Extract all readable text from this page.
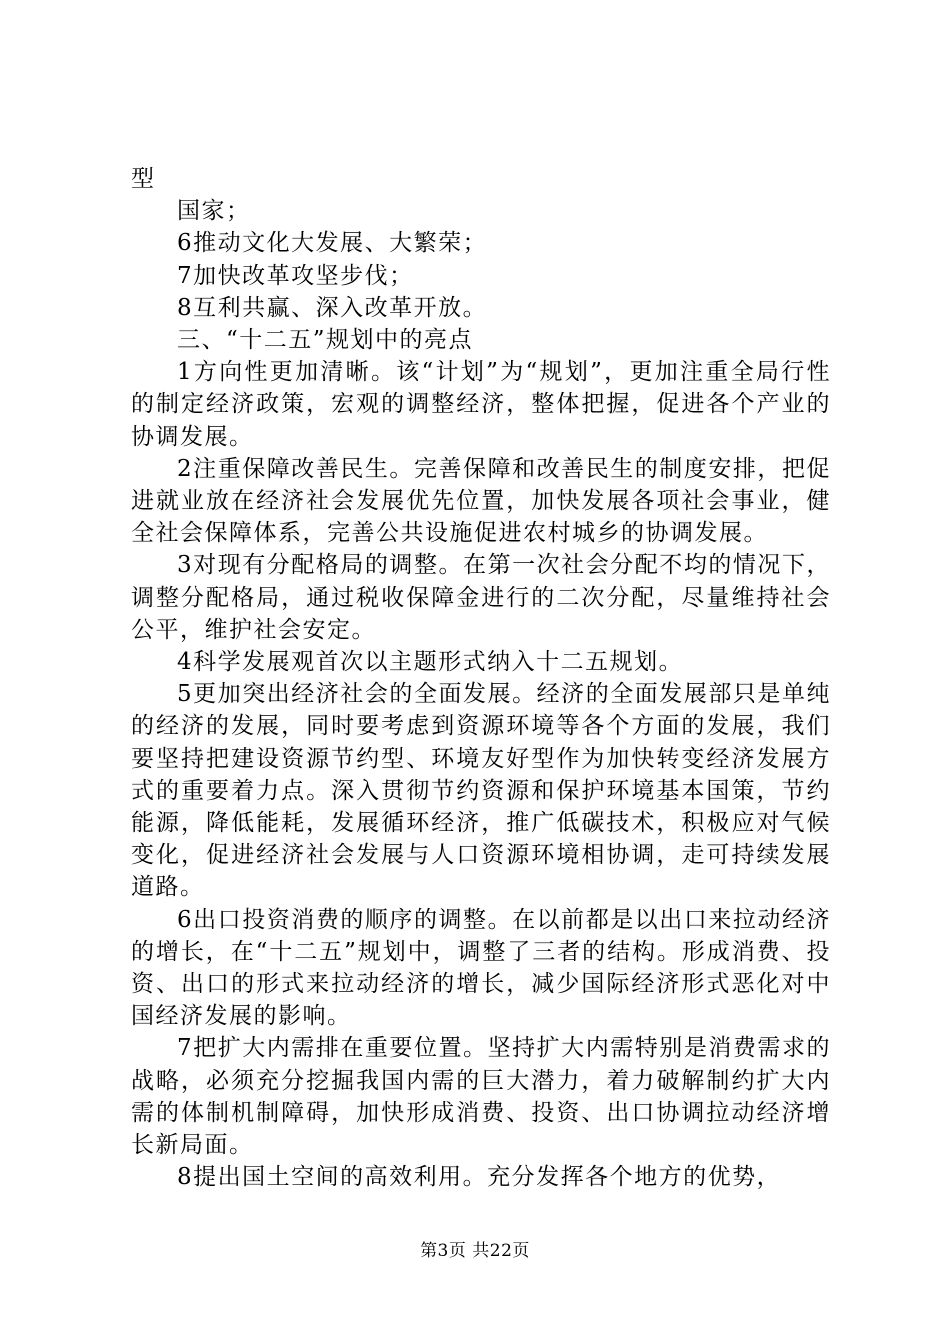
型

国家；

6推动文化大发展、大繁荣；

7加快改革攻坚步伐；

8互利共赢、深入改革开放。

三、“十二五”规划中的亮点

1方向性更加清晰。该“计划”为“规划”，更加注重全局行性的制定经济政策，宏观的调整经济，整体把握，促进各个产业的协调发展。

2注重保障改善民生。完善保障和改善民生的制度安排，把促进就业放在经济社会发展优先位置，加快发展各项社会事业，健全社会保障体系，完善公共设施促进农村城乡的协调发展。

3对现有分配格局的调整。在第一次社会分配不均的情况下，调整分配格局，通过税收保障金进行的二次分配，尽量维持社会公平，维护社会安定。

4科学发展观首次以主题形式纳入十二五规划。

5更加突出经济社会的全面发展。经济的全面发展部只是单纯的经济的发展，同时要考虑到资源环境等各个方面的发展，我们要坚持把建设资源节约型、环境友好型作为加快转变经济发展方式的重要着力点。深入贯彻节约资源和保护环境基本国策，节约能源，降低能耗，发展循环经济，推广低碳技术，积极应对气候变化，促进经济社会发展与人口资源环境相协调，走可持续发展道路。

6出口投资消费的顺序的调整。在以前都是以出口来拉动经济的增长，在“十二五”规划中，调整了三者的结构。形成消费、投资、出口的形式来拉动经济的增长，减少国际经济形式恶化对中国经济发展的影响。

7把扩大内需排在重要位置。坚持扩大内需特别是消费需求的战略，必须充分挖掘我国内需的巨大潜力，着力破解制约扩大内需的体制机制障碍，加快形成消费、投资、出口协调拉动经济增长新局面。

8提出国土空间的高效利用。充分发挥各个地方的优势，

第3页 共22页
